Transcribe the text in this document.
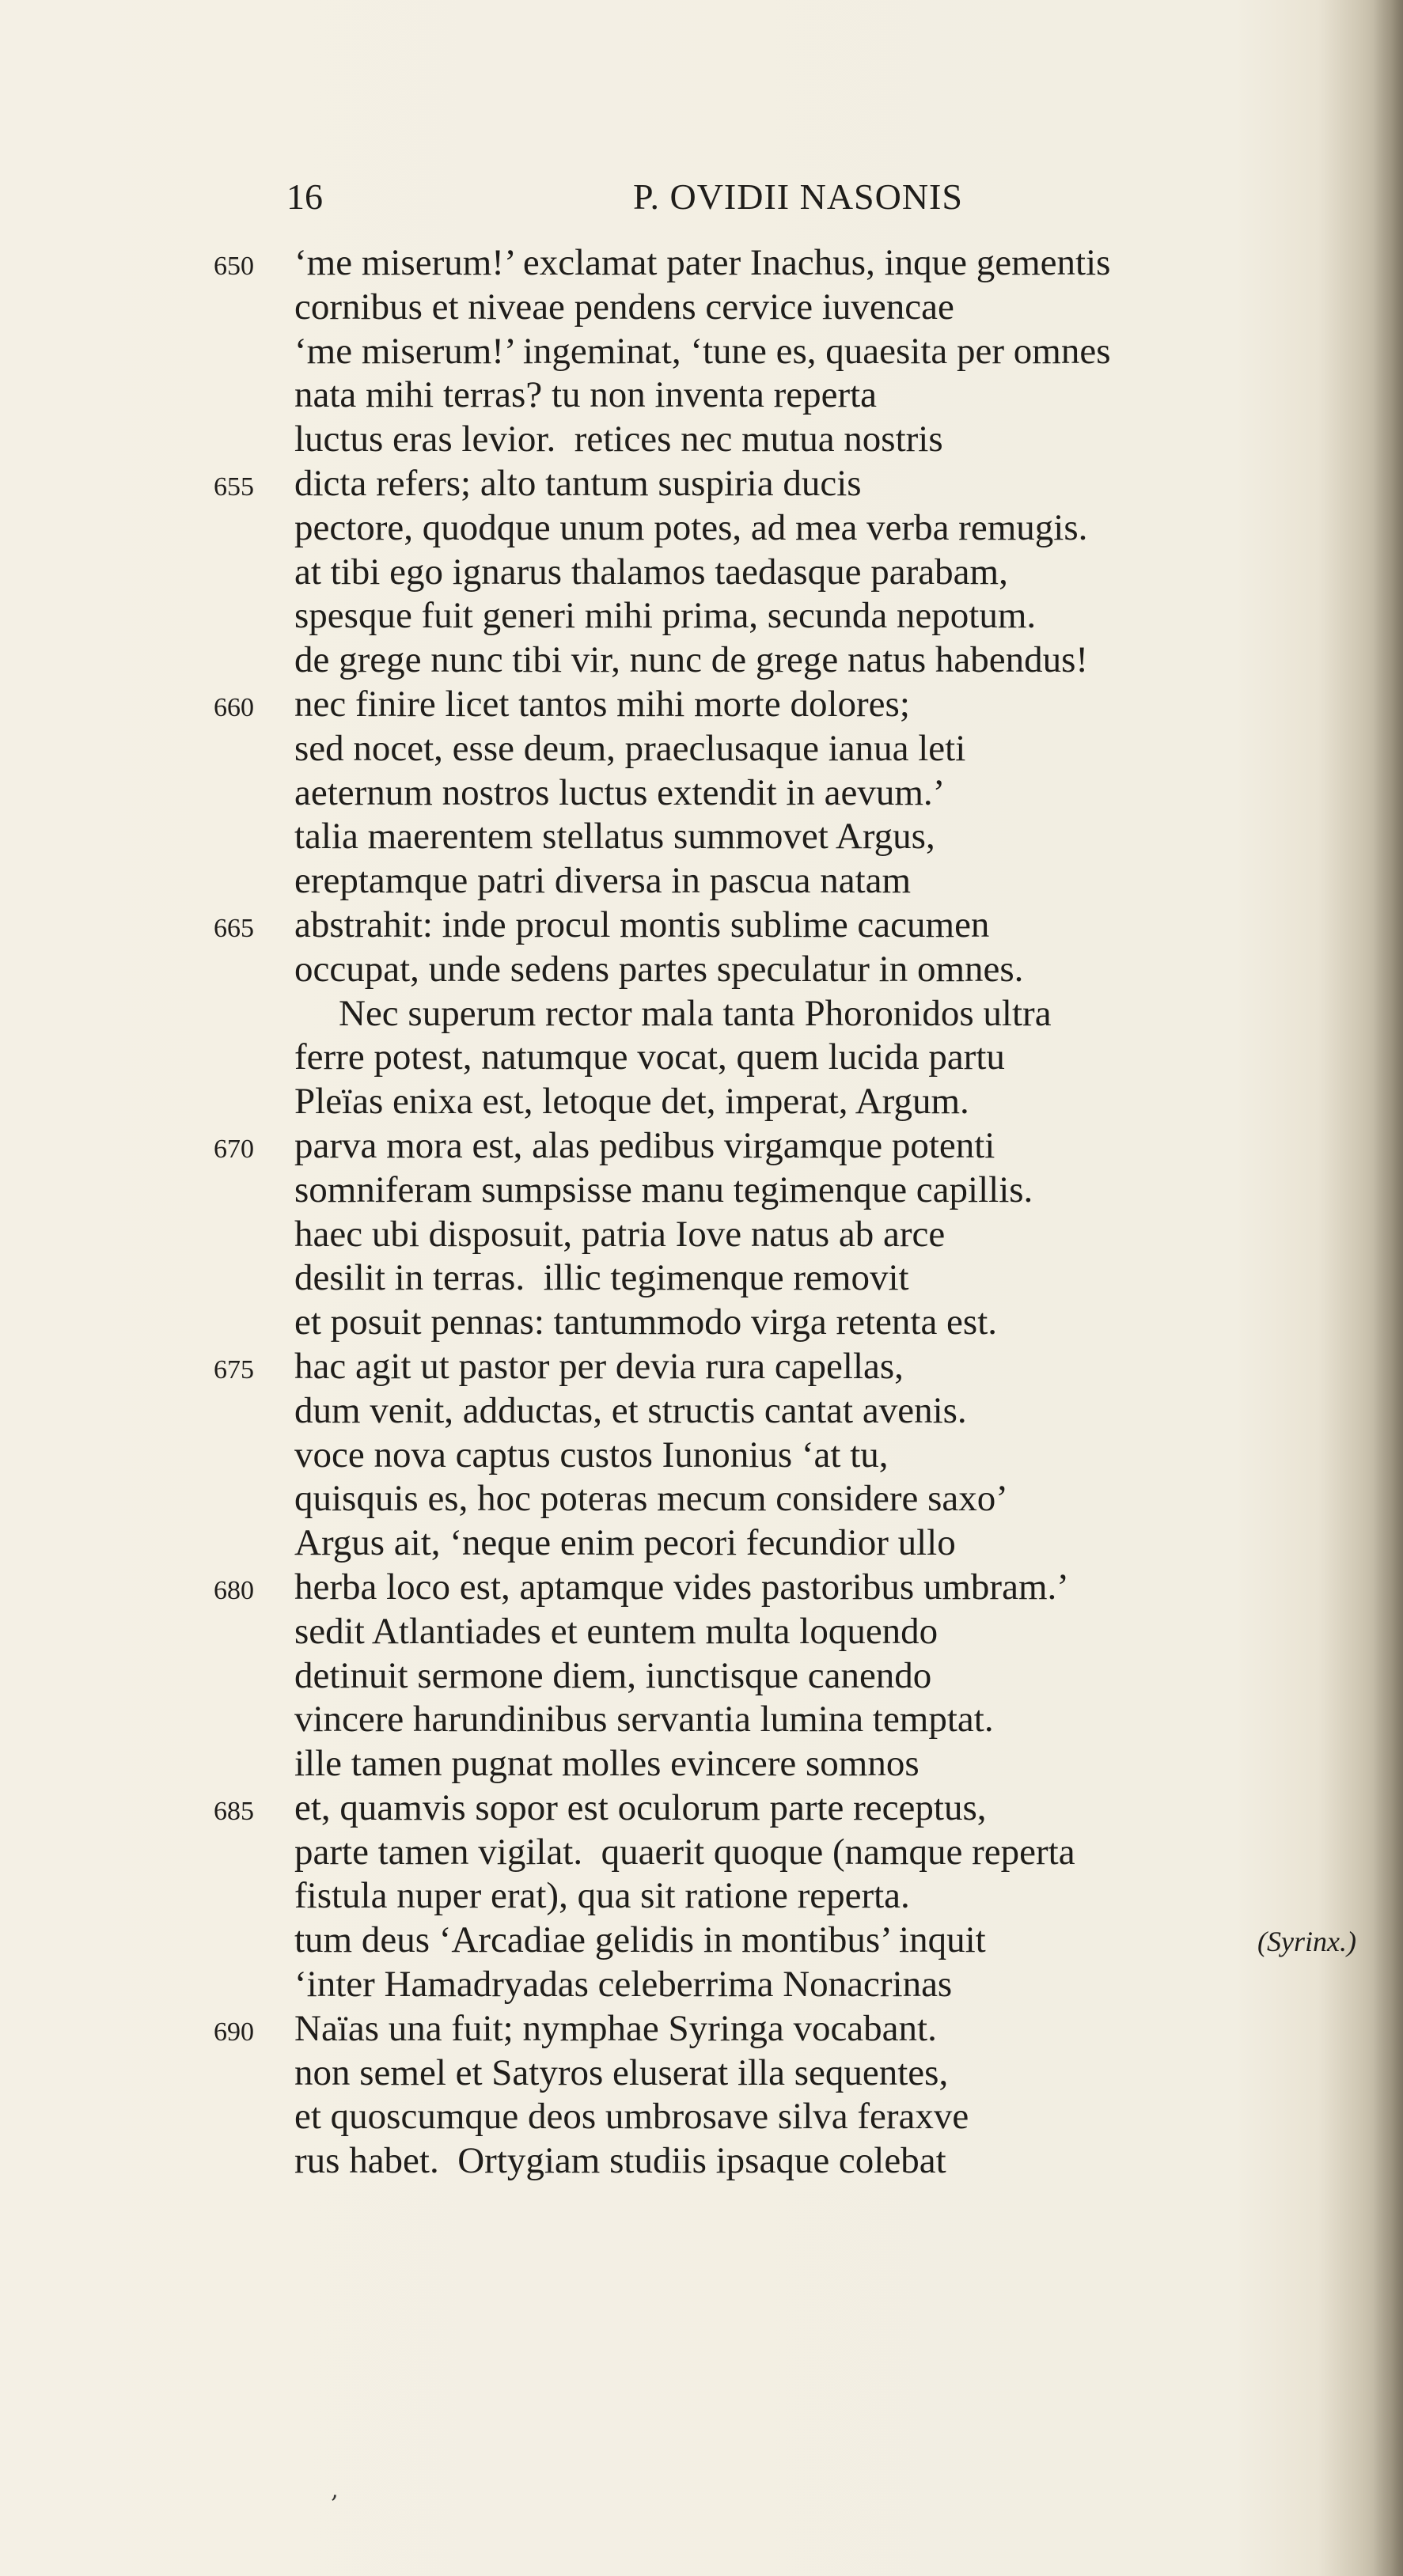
16	P. OVIDII NASONIS
650	‘me miserum!’ exclamat pater Inachus, inque gementis
cornibus et niveae pendens cervice iuvencae
‘me miserum!’ ingeminat, ‘tune es, quaesita per omnes
nata mihi terras? tu non inventa reperta
luctus eras levior.  retices nec mutua nostris
655	dicta refers; alto tantum suspiria ducis
pectore, quodque unum potes, ad mea verba remugis.
at tibi ego ignarus thalamos taedasque parabam,
spesque fuit generi mihi prima, secunda nepotum.
de grege nunc tibi vir, nunc de grege natus habendus!
660	nec finire licet tantos mihi morte dolores;
sed nocet, esse deum, praeclusaque ianua leti
aeternum nostros luctus extendit in aevum.’
talia maerentem stellatus summovet Argus,
ereptamque patri diversa in pascua natam
665	abstrahit: inde procul montis sublime cacumen
occupat, unde sedens partes speculatur in omnes.
Nec superum rector mala tanta Phoronidos ultra
ferre potest, natumque vocat, quem lucida partu
Pleïas enixa est, letoque det, imperat, Argum.
670	parva mora est, alas pedibus virgamque potenti
somniferam sumpsisse manu tegimenque capillis.
haec ubi disposuit, patria Iove natus ab arce
desilit in terras.  illic tegimenque removit
et posuit pennas: tantummodo virga retenta est.
675	hac agit ut pastor per devia rura capellas,
dum venit, adductas, et structis cantat avenis.
voce nova captus custos Iunonius ‘at tu,
quisquis es, hoc poteras mecum considere saxo’
Argus ait, ‘neque enim pecori fecundior ullo
680	herba loco est, aptamque vides pastoribus umbram.’
sedit Atlantiades et euntem multa loquendo
detinuit sermone diem, iunctisque canendo
vincere harundinibus servantia lumina temptat.
ille tamen pugnat molles evincere somnos
685	et, quamvis sopor est oculorum parte receptus,
parte tamen vigilat.  quaerit quoque (namque reperta
fistula nuper erat), qua sit ratione reperta.
tum deus ‘Arcadiae gelidis in montibus’ inquit	(Syrinx.)
‘inter Hamadryadas celeberrima Nonacrinas
690	Naïas una fuit; nymphae Syringa vocabant.
non semel et Satyros eluserat illa sequentes,
et quoscumque deos umbrosave silva feraxve
rus habet.  Ortygiam studiis ipsaque colebat
‚
